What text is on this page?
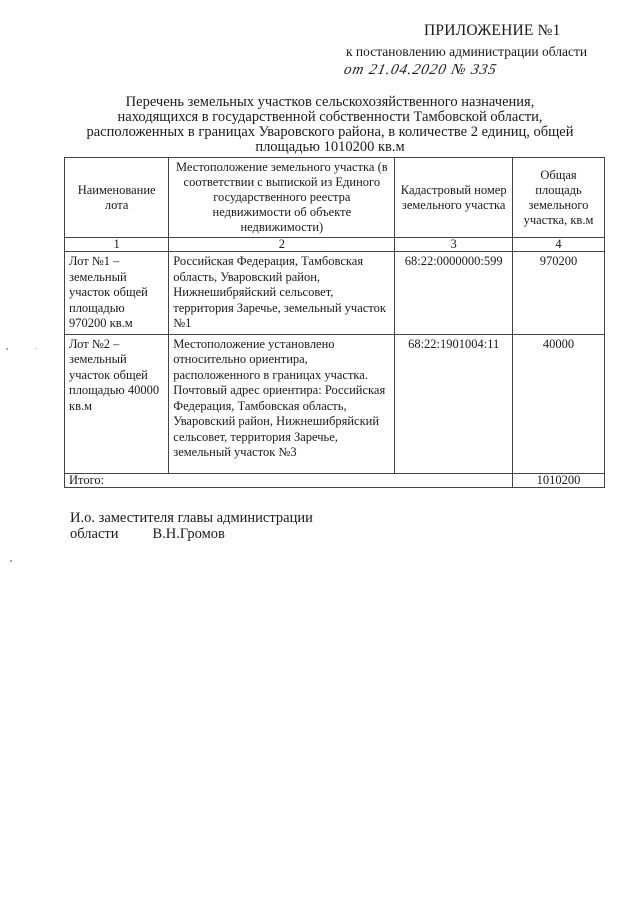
ПРИЛОЖЕНИЕ №1
к постановлению администрации области
от 21.04.2020 № 335
Перечень земельных участков сельскохозяйственного назначения,
находящихся в государственной собственности Тамбовской области,
расположенных в границах Уваровского района, в количестве 2 единиц, общей
площадью 1010200 кв.м
Наименование лота	Местоположение земельного участка (в соответствии с выпиской из Единого государственного реестра недвижимости об объекте недвижимости)	Кадастровый номер земельного участка	Общая площадь земельного участка, кв.м
1	2	3	4
Лот №1 – земельный участок общей площадью 970200 кв.м	Российская Федерация, Тамбовская область, Уваровский район, Нижнешибряйский сельсовет, территория Заречье, земельный участок №1	68:22:0000000:599	970200
Лот №2 – земельный участок общей площадью 40000 кв.м	Местоположение установлено относительно ориентира, расположенного в границах участка. Почтовый адрес ориентира: Российская Федерация, Тамбовская область, Уваровский район, Нижнешибряйский сельсовет, территория Заречье, земельный участок №3	68:22:1901004:11	40000
Итого:			1010200
И.о. заместителя главы администрации
области В.Н.Громов
